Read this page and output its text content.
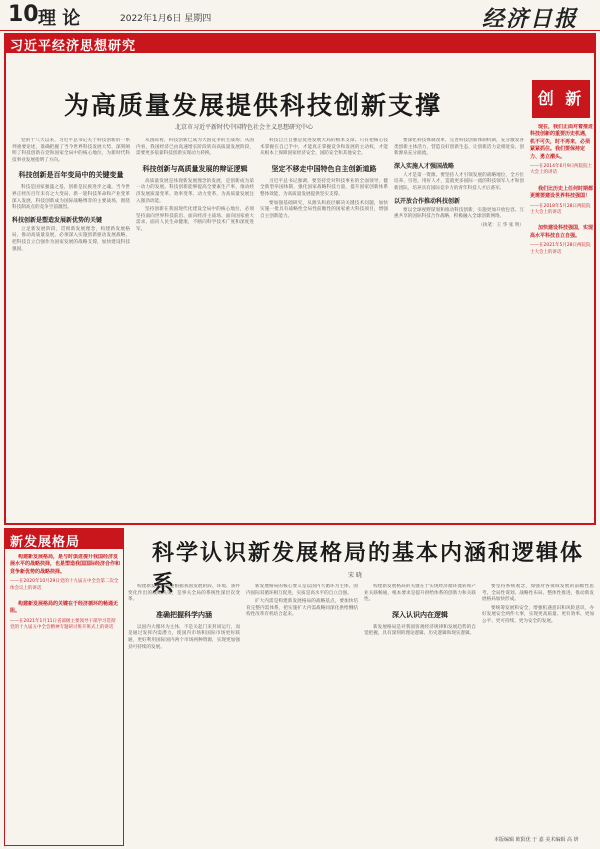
10 理 论	2022年1月6日 星期四	经济日报
习近平经济思想研究
创 新
为高质量发展提供科技创新支撑
北京市习近平新时代中国特色社会主义思想研究中心

党的十八大以来，习近平总书记关于科技创新的一系列重要论述，准确把握了当今世界科技发展大势，深刻阐明了科技创新在党和国家全局中的核心地位，为新时代科技事业发展指明了方向。

科技创新是百年变局中的关键变量

科技是国家强盛之基，创新是民族进步之魂。当今世界正经历百年未有之大变局，新一轮科技革命和产业变革深入发展，科技创新成为国际战略博弈的主要战场，围绕科技制高点的竞争空前激烈。

科技创新是塑造发展新优势的关键

立足新发展阶段，贯彻新发展理念，构建新发展格局，推动高质量发展，必须深入实施创新驱动发展战略，把科技自立自强作为国家发展的战略支撑，加快建设科技强国。

从国际看，科技创新已成为大国竞争的主战场；从国内看，我国经济已由高速增长阶段转向高质量发展阶段，需要更多依靠科技创新实现动力转换。

科技创新与高质量发展的辩证逻辑

高质量发展是体现新发展理念的发展，是创新成为第一动力的发展。科技创新能够提高全要素生产率，推动经济发展质量变革、效率变革、动力变革，为高质量发展注入强劲动能。

坚持创新在我国现代化建设全局中的核心地位，必须坚持面向世界科技前沿、面向经济主战场、面向国家重大需求、面向人民生命健康，不断向科学技术广度和深度进军。

科技自立自强是促进发展大局的根本支撑。只有把核心技术掌握在自己手中，才能真正掌握竞争和发展的主动权，才能从根本上保障国家经济安全、国防安全和其他安全。

坚定不移走中国特色自主创新道路

习近平总书记强调，要坚持党对科技事业的全面领导，健全新型举国体制，强化国家战略科技力量，提升国家创新体系整体效能，为高质量发展提供坚实支撑。

要加强基础研究，从源头和底层解决关键技术问题，加快实施一批具有战略性全局性前瞻性的国家重大科技项目，增强自主创新能力。

要深化科技体制改革，完善科技创新体制机制，充分激发各类创新主体活力，营造良好创新生态，让创新活力竞相迸发、创新源泉充分涌流。

深入实施人才强国战略

人才是第一资源。要坚持人才引领发展的战略地位，全方位培养、引进、用好人才，造就更多国际一流的科技领军人才和创新团队，培养具有国际竞争力的青年科技人才后备军。

以开放合作推动科技创新

要以全球视野谋划和推动科技创新，实施更加开放包容、互惠共享的国际科技合作战略，积极融入全球创新网络。

（执笔：王 华 张 明）

现在，我们正面对着推进科技创新的重要历史机遇，机不可失，时不再来，必须紧紧抓住。我们要保持定力、勇立潮头。

——在2014年6月9日两院院士大会上的讲话

我们比历史上任何时期都更需要建设世界科技强国！

——在2018年5月28日两院院士大会上的讲话

加快建设科技强国，实现高水平科技自立自强。

——在2021年5月28日两院院士大会上的讲话

新发展格局

构建新发展格局，是与时俱进提升我国经济发展水平的战略抉择，也是塑造我国国际经济合作和竞争新优势的战略抉择。

——在2020年10月29日党的十九届五中全会第二次全体会议上的讲话

构建新发展格局的关键在于经济循环的畅通无阻。

——在2021年1月11日省部级主要领导干部学习贯彻党的十九届五中全会精神专题研讨班开班式上的讲话

科学认识新发展格局的基本内涵和逻辑体系	宋 晓

构建新发展格局是根据我国发展阶段、环境、条件变化作出的战略决策，是事关全局的系统性深层次变革。

准确把握科学内涵

以国内大循环为主体，不是关起门来封闭运行，而是通过发挥内需潜力，使国内市场和国际市场更好联通，更好利用国际国内两个市场两种资源，实现更加强劲可持续的发展。

新发展格局的核心要义是以国内大循环为主体、国内国际双循环相互促进，实质是高水平的自立自强。

扩大内需是构建新发展格局的战略基点，要加快培育完整内需体系，把实施扩大内需战略同深化供给侧结构性改革有机结合起来。

构建新发展格局的关键在于实现经济循环流转和产业关联畅通，根本要求是提升供给体系的创新力和关联性。

深入认识内在逻辑

新发展格局是对我国客观经济规律和发展趋势的自觉把握，具有深刻的理论逻辑、历史逻辑和现实逻辑。

要坚持系统观念，加强对各领域发展的前瞻性思考、全局性谋划、战略性布局、整体性推进，推动新发展格局加快形成。

要统筹发展和安全，增强机遇意识和风险意识，办好发展安全两件大事，实现更高质量、更有效率、更加公平、更可持续、更为安全的发展。

本版编辑 欧阳优 于 嘉 美术编辑 高 妍
